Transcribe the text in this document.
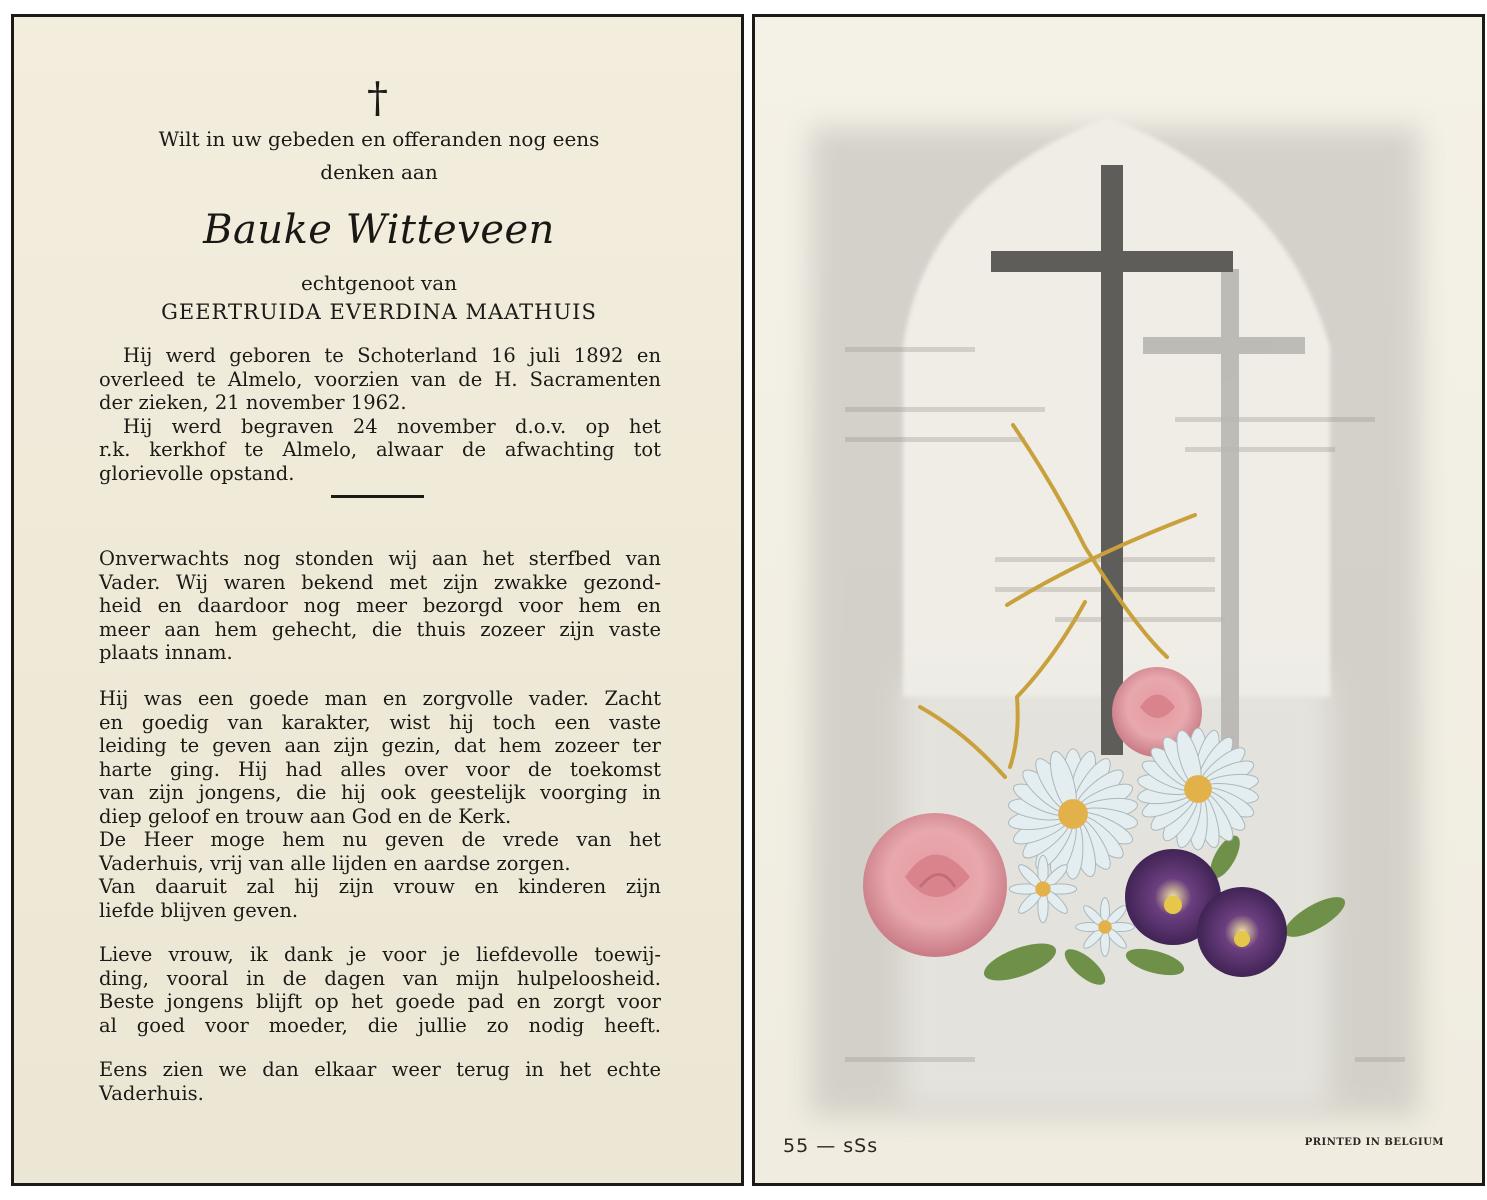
†
Wilt in uw gebeden en offeranden nog eens
denken aan
Bauke Witteveen
echtgenoot van
GEERTRUIDA EVERDINA MAATHUIS
Hij werd geboren te Schoterland 16 juli 1892 en
overleed te Almelo, voorzien van de H. Sacramenten
der zieken, 21 november 1962.
Hij werd begraven 24 november d.o.v. op het
r.k. kerkhof te Almelo, alwaar de afwachting tot
glorievolle opstand.
Onverwachts nog stonden wij aan het sterfbed van
Vader. Wij waren bekend met zijn zwakke gezond-
heid en daardoor nog meer bezorgd voor hem en
meer aan hem gehecht, die thuis zozeer zijn vaste
plaats innam.
Hij was een goede man en zorgvolle vader. Zacht
en goedig van karakter, wist hij toch een vaste
leiding te geven aan zijn gezin, dat hem zozeer ter
harte ging. Hij had alles over voor de toekomst
van zijn jongens, die hij ook geestelijk voorging in
diep geloof en trouw aan God en de Kerk.
De Heer moge hem nu geven de vrede van het
Vaderhuis, vrij van alle lijden en aardse zorgen.
Van daaruit zal hij zijn vrouw en kinderen zijn
liefde blijven geven.
Lieve vrouw, ik dank je voor je liefdevolle toewij-
ding, vooral in de dagen van mijn hulpeloosheid.
Beste jongens blijft op het goede pad en zorgt voor
al goed voor moeder, die jullie zo nodig heeft.
Eens zien we dan elkaar weer terug in het echte
Vaderhuis.
55 — sSs	PRINTED IN BELGIUM
